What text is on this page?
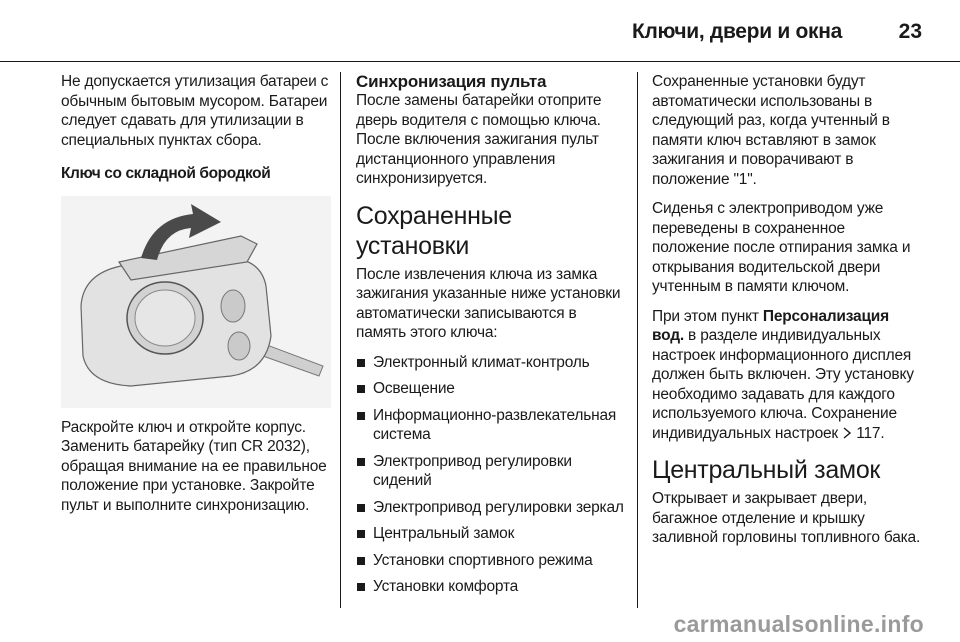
Ключи, двери и окна	23

Не допускается утилизация батареи с обычным бытовым мусором. Батареи следует сдавать для утилизации в специальных пунктах сбора.

Ключ со складной бородкой

Раскройте ключ и откройте корпус. Заменить батарейку (тип CR 2032), обращая внимание на ее правильное положение при установке. Закройте пульт и выполните синхронизацию.

Синхронизация пульта

После замены батарейки отоприте дверь водителя с помощью ключа. После включения зажигания пульт дистанционного управления синхронизируется.

Сохраненные установки

После извлечения ключа из замка зажигания указанные ниже установки автоматически записываются в память этого ключа:

Электронный климат-контроль
Освещение
Информационно-развлекательная система
Электропривод регулировки сидений
Электропривод регулировки зеркал
Центральный замок
Установки спортивного режима
Установки комфорта

Сохраненные установки будут автоматически использованы в следующий раз, когда учтенный в памяти ключ вставляют в замок зажигания и поворачивают в положение "1".

Сиденья с электроприводом уже переведены в сохраненное положение после отпирания замка и открывания водительской двери учтенным в памяти ключом.

При этом пункт Персонализация вод. в разделе индивидуальных настроек информационного дисплея должен быть включен. Эту установку необходимо задавать для каждого используемого ключа. Сохранение индивидуальных настроек 117.

Центральный замок

Открывает и закрывает двери, багажное отделение и крышку заливной горловины топливного бака.

carmanualsonline.info
